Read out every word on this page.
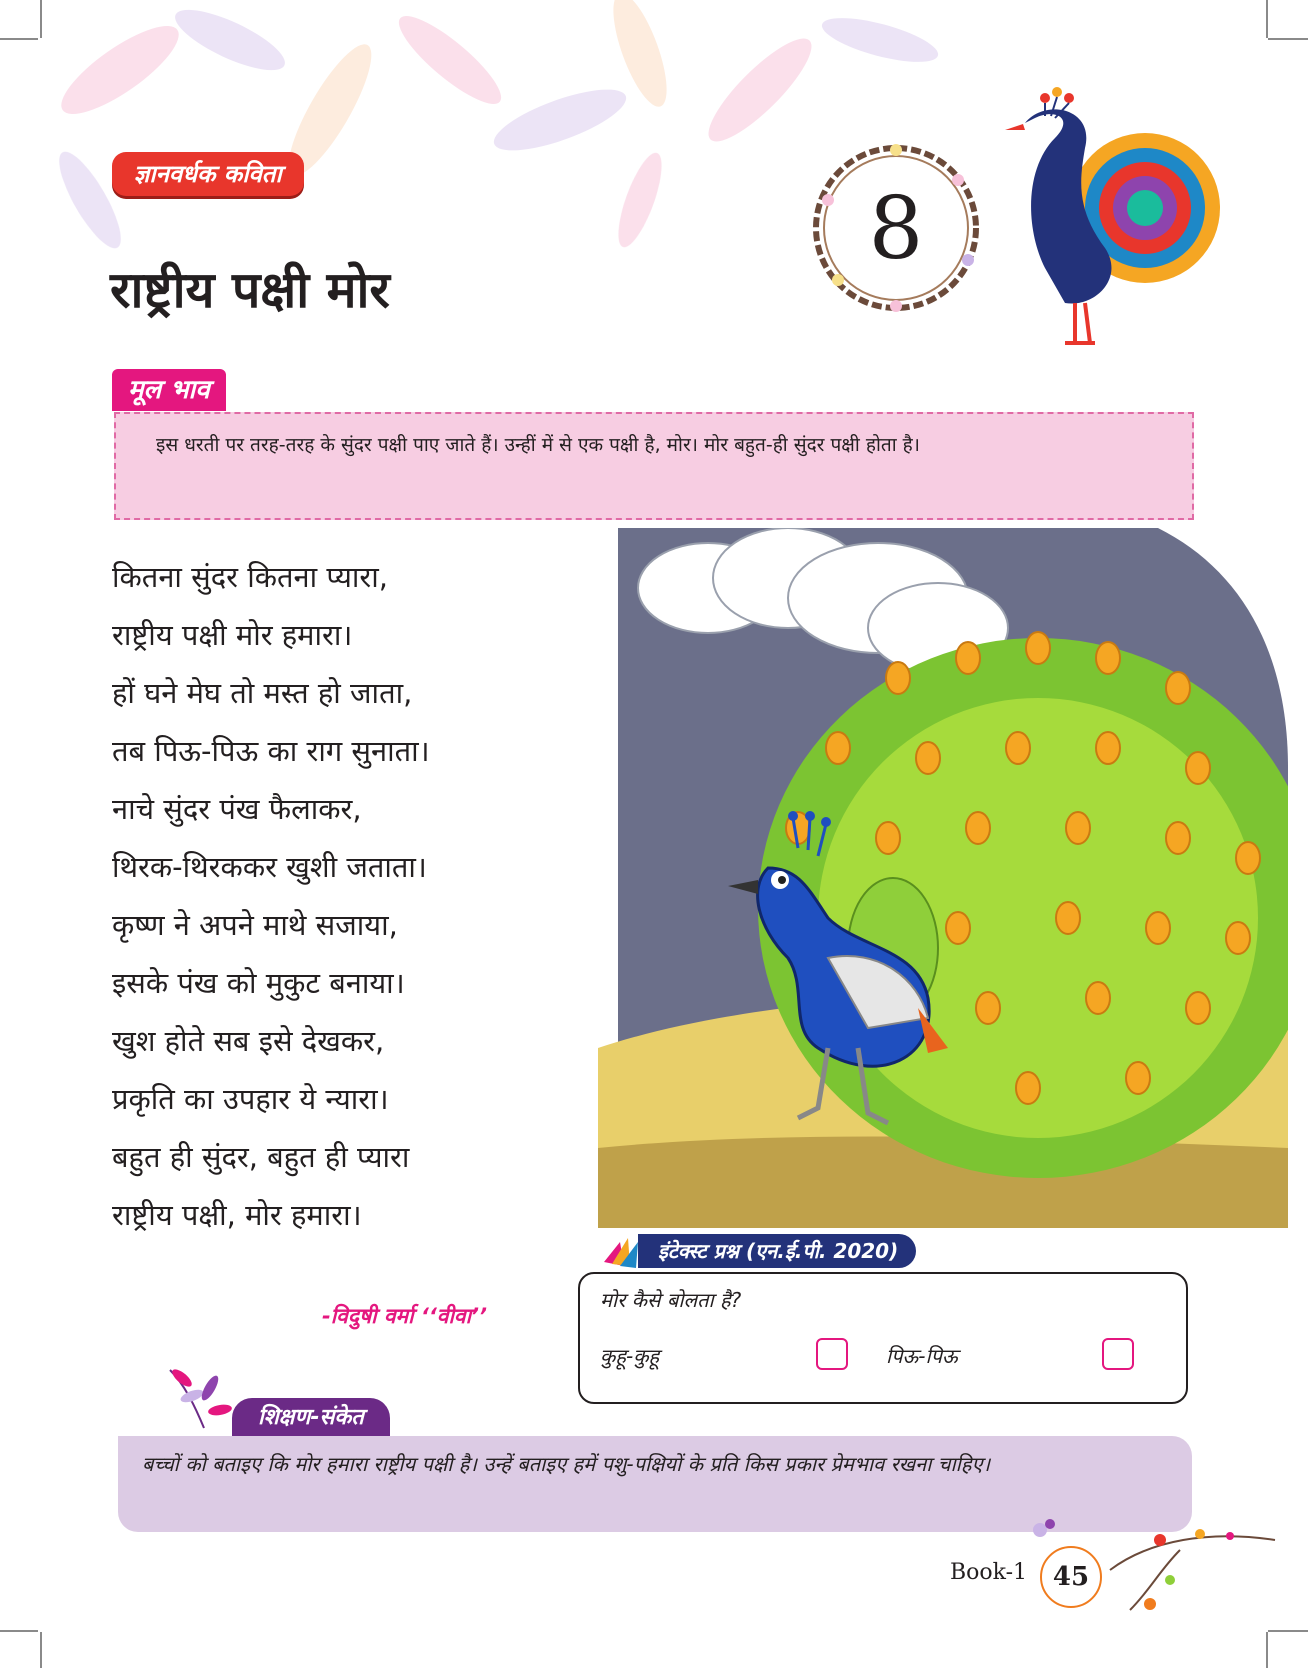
ज्ञानवर्धक कविता
राष्ट्रीय पक्षी मोर
8
मूल भाव
इस धरती पर तरह-तरह के सुंदर पक्षी पाए जाते हैं। उन्हीं में से एक पक्षी है, मोर। मोर बहुत-ही सुंदर पक्षी होता है।
कितना सुंदर कितना प्यारा,
राष्ट्रीय पक्षी मोर हमारा।
हों घने मेघ तो मस्त हो जाता,
तब पिऊ-पिऊ का राग सुनाता।
नाचे सुंदर पंख फैलाकर,
थिरक-थिरककर खुशी जताता।
कृष्ण ने अपने माथे सजाया,
इसके पंख को मुकुट बनाया।
खुश होते सब इसे देखकर,
प्रकृति का उपहार ये न्यारा।
बहुत ही सुंदर, बहुत ही प्यारा
राष्ट्रीय पक्षी, मोर हमारा।
-विदुषी वर्मा ‘‘वीवा’’
इंटेक्स्ट प्रश्न (एन.ई.पी. 2020)
मोर कैसे बोलता है?
कुहू-कुहू	पिऊ-पिऊ
शिक्षण-संकेत
बच्चों को बताइए कि मोर हमारा राष्ट्रीय पक्षी है। उन्हें बताइए हमें पशु-पक्षियों के प्रति किस प्रकार प्रेमभाव रखना चाहिए।
Book-1 45
